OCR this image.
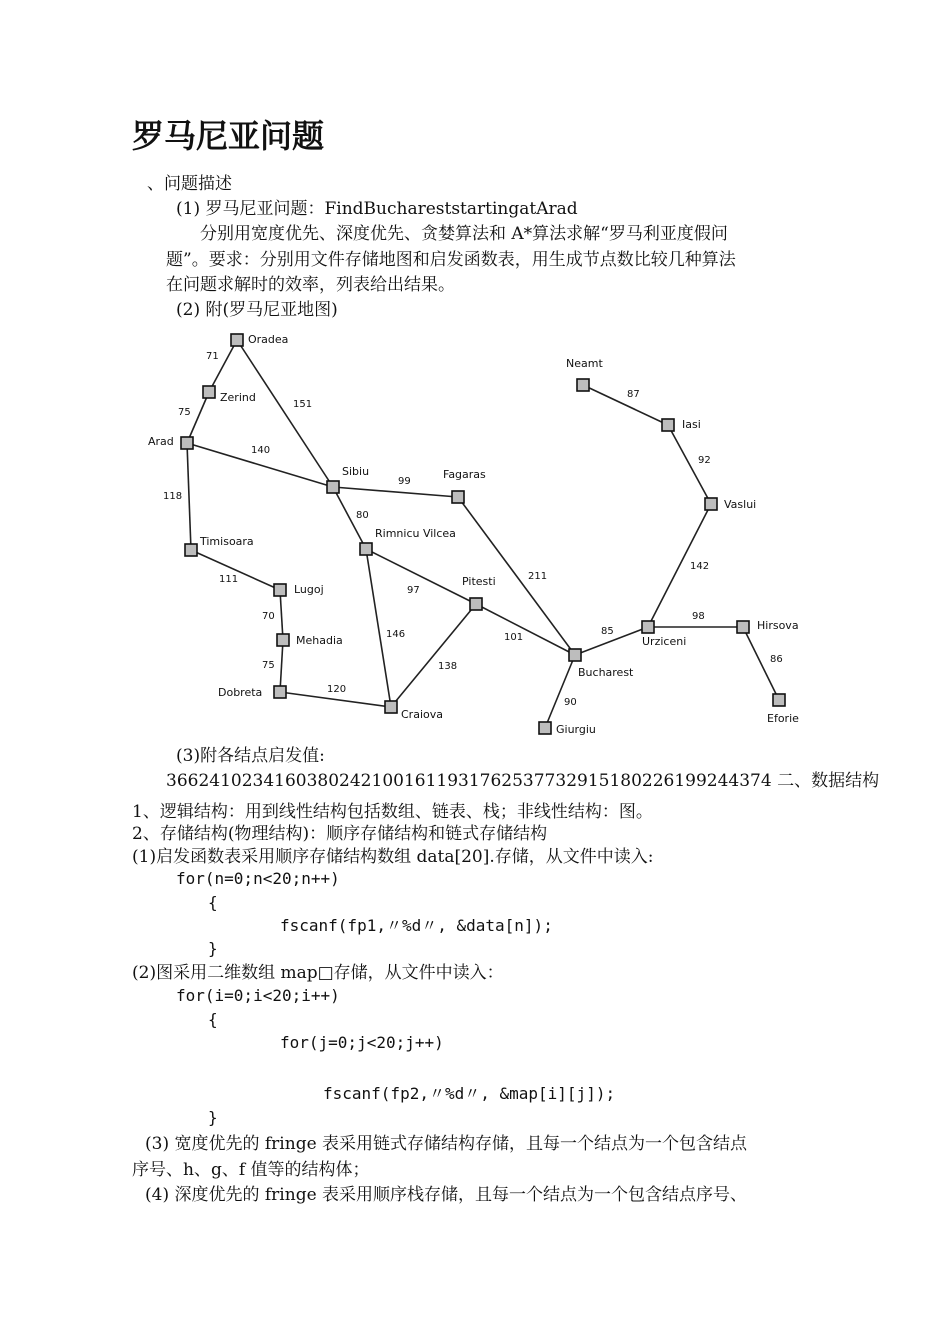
罗马尼亚问题
、问题描述
(1) 罗马尼亚问题：FindBuchareststartingatArad
分别用宽度优先、深度优先、贪婪算法和 A*算法求解“罗马利亚度假问
题”。要求：分别用文件存储地图和启发函数表，用生成节点数比较几种算法
在问题求解时的效率，列表给出结果。
(2) 附(罗马尼亚地图)
Oradea
Zerind
Arad
Sibiu	Fagaras
Timisoara
Lugoj
Mehadia
Dobreta
Craiova
Rimnicu Vilcea
Pitesti
Bucharest
Giurgiu
Urziceni
Hirsova
Eforie
Vaslui
Iasi
Neamt
71
75
151
140
118
111
70
75
120
99
80
97
146
138
211
101
90
85
98
86
142
92
87
(3)附各结点启发值:
366241023416038024210016119317625377329151802261992443​74 二、数据结构
1、逻辑结构：用到线性结构包括数组、链表、栈；非线性结构：图。
2、存储结构(物理结构)：顺序存储结构和链式存储结构
(1)启发函数表采用顺序存储结构数组 data[20].存储，从文件中读入:
for(n=0;n<20;n++)
{
fscanf(fp1,〃%d〃, &data[n]);
}
(2)图采用二维数组 map□存储，从文件中读入：
for(i=0;i<20;i++)
{
for(j=0;j<20;j++)
fscanf(fp2,〃%d〃, &map[i][j]);
}
(3) 宽度优先的 fringe 表采用链式存储结构存储，且每一个结点为一个包含结点
序号、h、g、f 值等的结构体；
(4) 深度优先的 fringe 表采用顺序栈存储，且每一个结点为一个包含结点序号、
